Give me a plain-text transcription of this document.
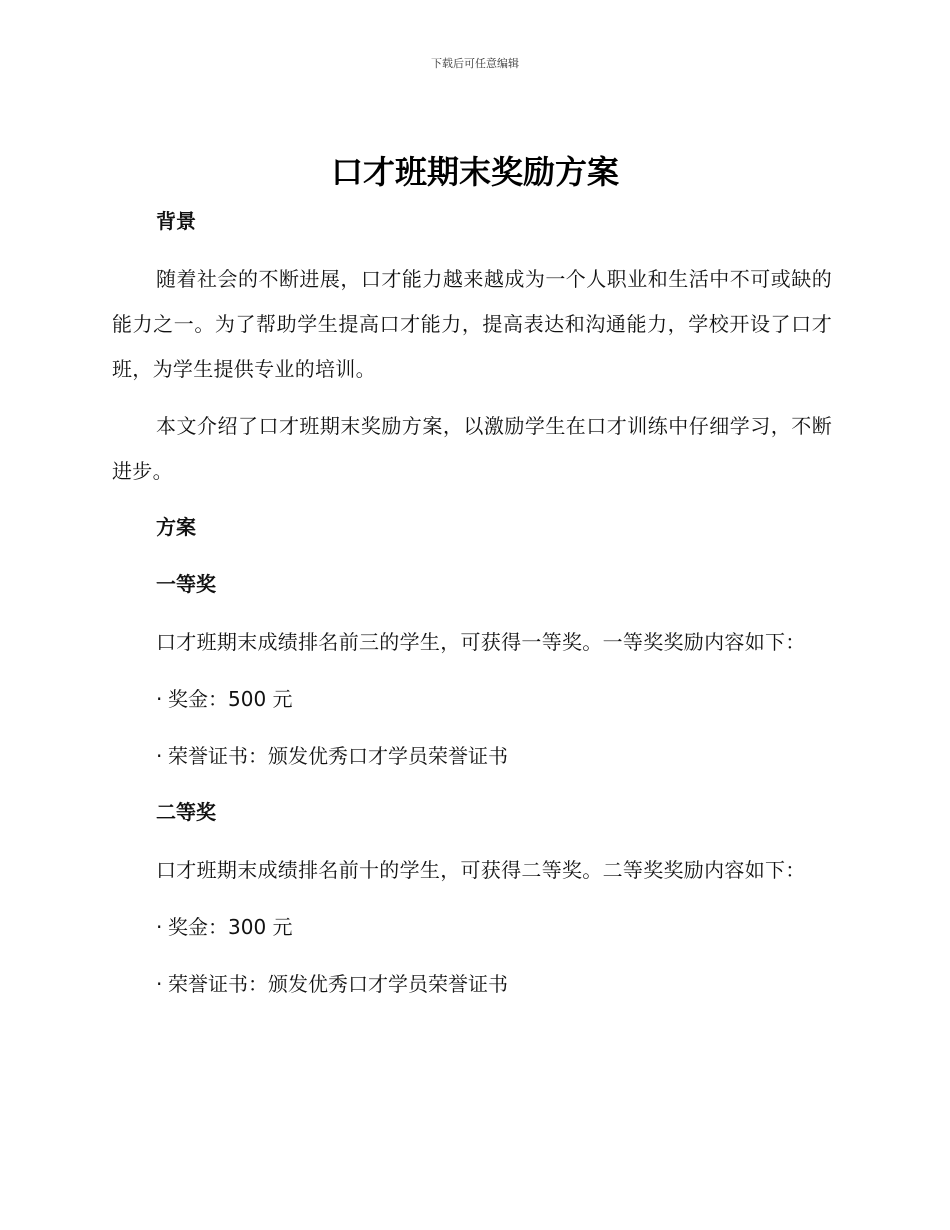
下载后可任意编辑
口才班期末奖励方案
背景

随着社会的不断进展，口才能力越来越成为一个人职业和生活中不可或缺的能力之一。为了帮助学生提高口才能力，提高表达和沟通能力，学校开设了口才班，为学生提供专业的培训。

本文介绍了口才班期末奖励方案，以激励学生在口才训练中仔细学习，不断进步。

方案
一等奖

口才班期末成绩排名前三的学生，可获得一等奖。一等奖奖励内容如下：

· 奖金：500 元
· 荣誉证书：颁发优秀口才学员荣誉证书
二等奖

口才班期末成绩排名前十的学生，可获得二等奖。二等奖奖励内容如下：

· 奖金：300 元
· 荣誉证书：颁发优秀口才学员荣誉证书
